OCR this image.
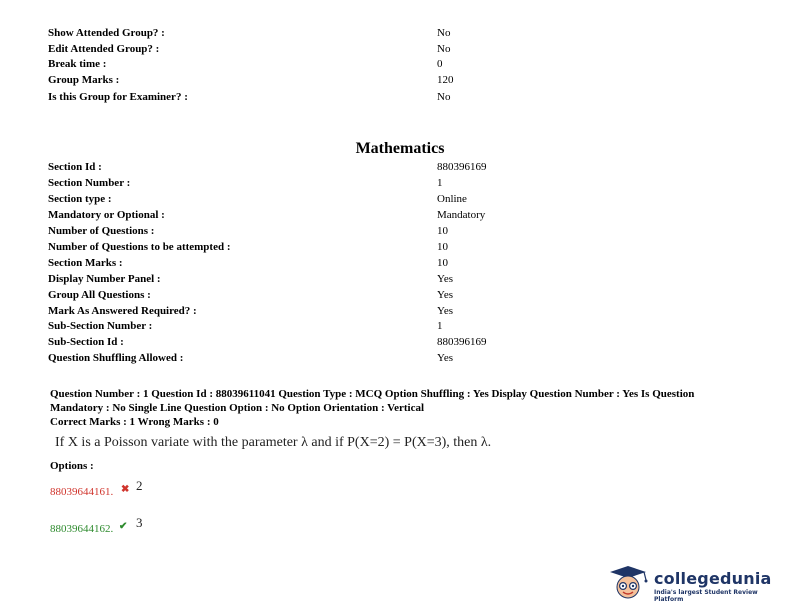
Show Attended Group? :	No
Edit Attended Group? :	No
Break time :	0
Group Marks :	120
Is this Group for Examiner? :	No
Mathematics
Section Id :	880396169
Section Number :	1
Section type :	Online
Mandatory or Optional :	Mandatory
Number of Questions :	10
Number of Questions to be attempted :	10
Section Marks :	10
Display Number Panel :	Yes
Group All Questions :	Yes
Mark As Answered Required? :	Yes
Sub-Section Number :	1
Sub-Section Id :	880396169
Question Shuffling Allowed :	Yes
Question Number : 1 Question Id : 88039611041 Question Type : MCQ Option Shuffling : Yes Display Question Number : Yes Is Question Mandatory : No Single Line Question Option : No Option Orientation : Vertical
Correct Marks : 1 Wrong Marks : 0
If X is a Poisson variate with the parameter λ and if P(X=2) = P(X=3), then λ.
Options :
88039644161. ✖ 2
88039644162. ✔ 3
collegedunia
India's largest Student Review Platform
